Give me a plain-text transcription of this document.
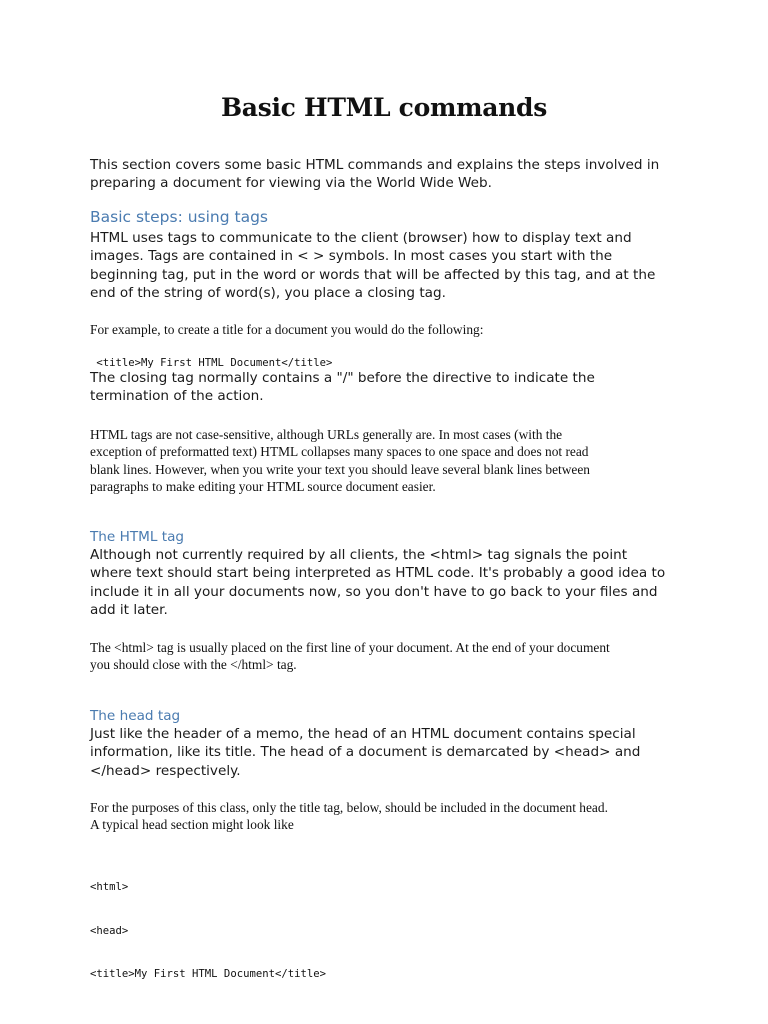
Basic HTML commands

This section covers some basic HTML commands and explains the steps involved in
preparing a document for viewing via the World Wide Web.

Basic steps: using tags

HTML uses tags to communicate to the client (browser) how to display text and
images. Tags are contained in < > symbols. In most cases you start with the
beginning tag, put in the word or words that will be affected by this tag, and at the
end of the string of word(s), you place a closing tag.

For example, to create a title for a document you would do the following:

<title>My First HTML Document</title>

The closing tag normally contains a "/" before the directive to indicate the
termination of the action.

HTML tags are not case-sensitive, although URLs generally are. In most cases (with the
exception of preformatted text) HTML collapses many spaces to one space and does not read
blank lines. However, when you write your text you should leave several blank lines between
paragraphs to make editing your HTML source document easier.

The HTML tag

Although not currently required by all clients, the <html> tag signals the point
where text should start being interpreted as HTML code. It's probably a good idea to
include it in all your documents now, so you don't have to go back to your files and
add it later.

The <html> tag is usually placed on the first line of your document. At the end of your document
you should close with the </html> tag.

The head tag

Just like the header of a memo, the head of an HTML document contains special
information, like its title. The head of a document is demarcated by <head> and
</head> respectively.

For the purposes of this class, only the title tag, below, should be included in the document head.
A typical head section might look like

<html>

<head>

<title>My First HTML Document</title>
